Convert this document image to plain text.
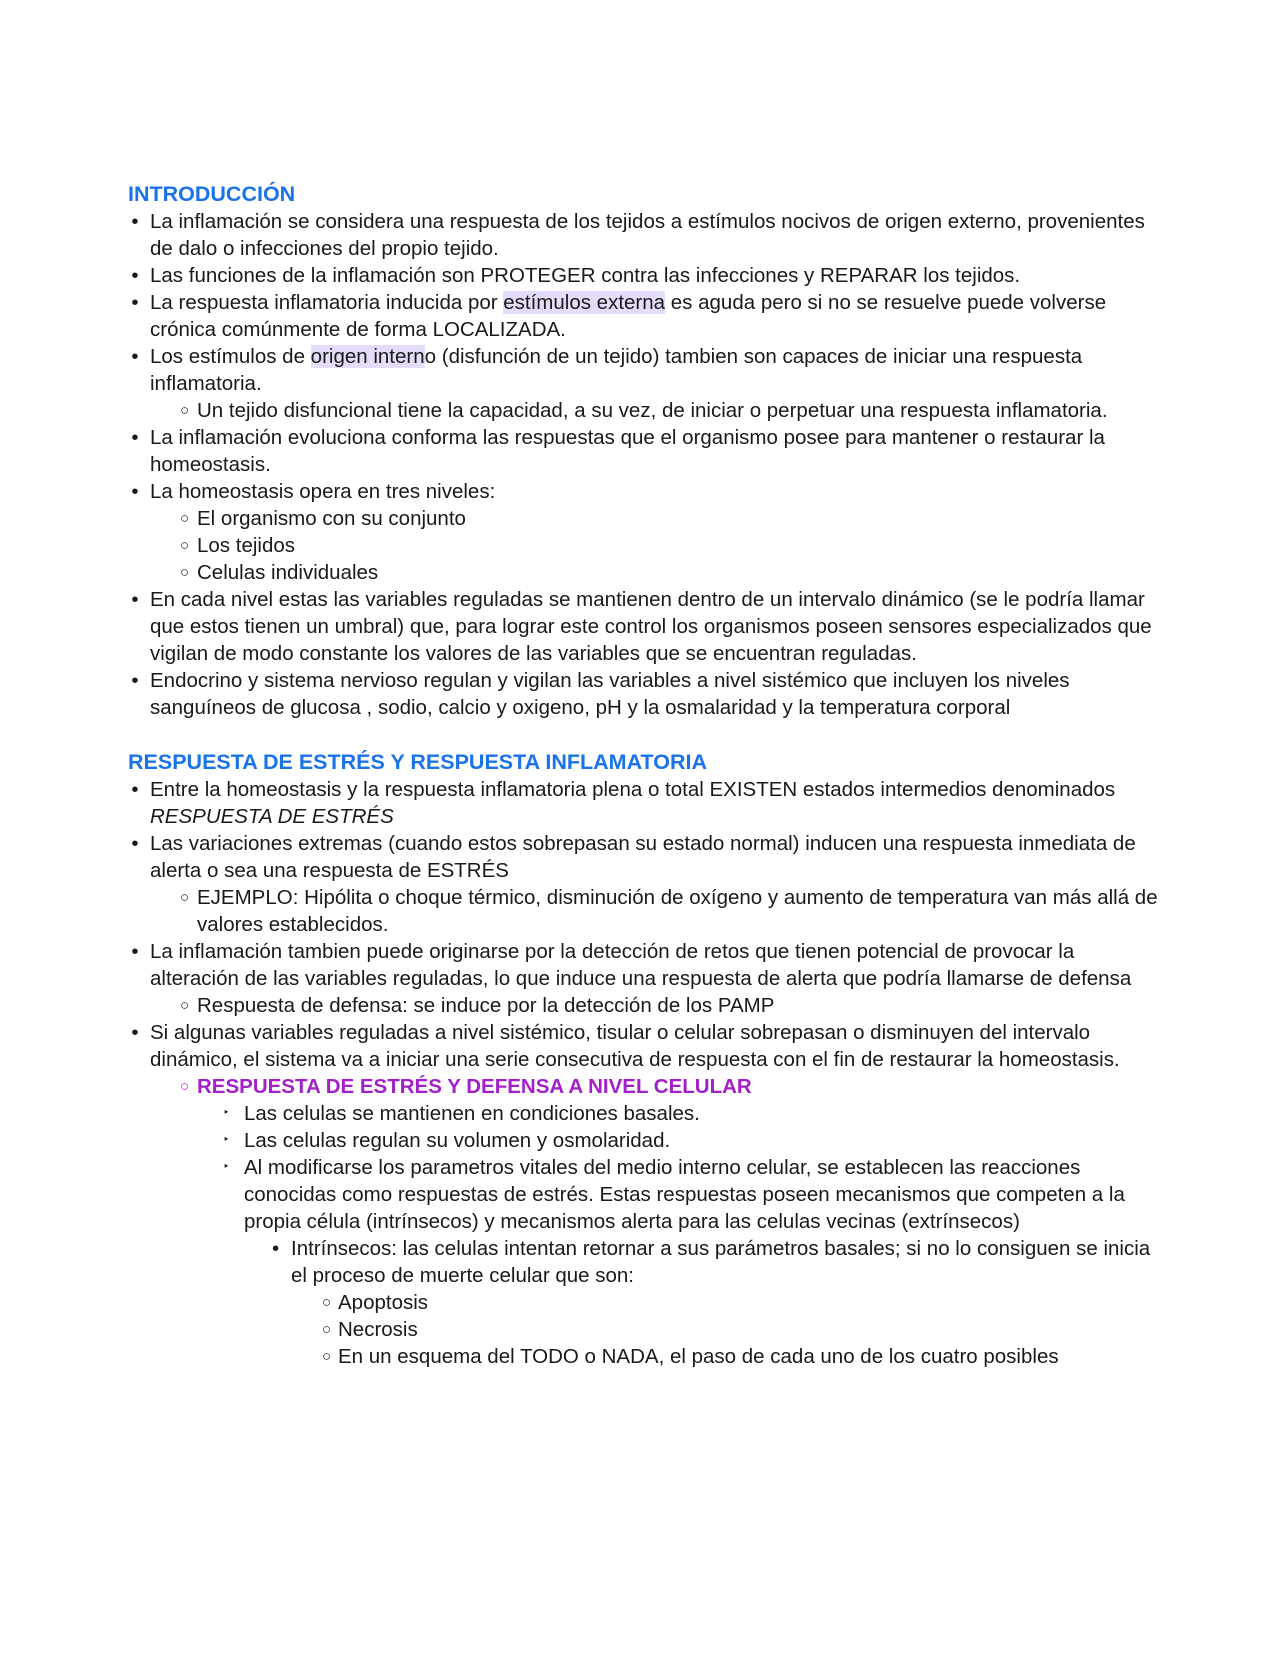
INTRODUCCIÓN
• La inflamación se considera una respuesta de los tejidos a estímulos nocivos de origen externo, provenientes de dalo o infecciones del propio tejido.
• Las funciones de la inflamación son PROTEGER contra las infecciones y REPARAR los tejidos.
• La respuesta inflamatoria inducida por estímulos externa es aguda pero si no se resuelve puede volverse crónica comúnmente de forma LOCALIZADA.
• Los estímulos de origen interno (disfunción de un tejido) tambien son capaces de iniciar una respuesta inflamatoria.
○ Un tejido disfuncional tiene la capacidad, a su vez, de iniciar o perpetuar una respuesta inflamatoria.
• La inflamación evoluciona conforma las respuestas que el organismo posee para mantener o restaurar la homeostasis.
• La homeostasis opera en tres niveles:
○ El organismo con su conjunto
○ Los tejidos
○ Celulas individuales
• En cada nivel estas las variables reguladas se mantienen dentro de un intervalo dinámico (se le podría llamar que estos tienen un umbral) que, para lograr este control los organismos poseen sensores especializados que vigilan de modo constante los valores de las variables que se encuentran reguladas.
• Endocrino y sistema nervioso regulan y vigilan las variables a nivel sistémico que incluyen los niveles sanguíneos de glucosa , sodio, calcio y oxigeno, pH y la osmalaridad y la temperatura corporal
RESPUESTA DE ESTRÉS Y RESPUESTA INFLAMATORIA
• Entre la homeostasis y la respuesta inflamatoria plena o total EXISTEN estados intermedios denominados RESPUESTA DE ESTRÉS
• Las variaciones extremas (cuando estos sobrepasan su estado normal) inducen una respuesta inmediata de alerta o sea una respuesta de ESTRÉS
○ EJEMPLO: Hipólita o choque térmico, disminución de oxígeno y aumento de temperatura van más allá de valores establecidos.
• La inflamación tambien puede originarse por la detección de retos que tienen potencial de provocar la alteración de las variables reguladas, lo que induce una respuesta de alerta que podría llamarse de defensa
○ Respuesta de defensa: se induce por la detección de los PAMP
• Si algunas variables reguladas a nivel sistémico, tisular o celular sobrepasan o disminuyen del intervalo dinámico, el sistema va a iniciar una serie consecutiva de respuesta con el fin de restaurar la homeostasis.
○ RESPUESTA DE ESTRÉS Y DEFENSA A NIVEL CELULAR
‣ Las celulas se mantienen en condiciones basales.
‣ Las celulas regulan su volumen y osmolaridad.
‣ Al modificarse los parametros vitales del medio interno celular, se establecen las reacciones conocidas como respuestas de estrés. Estas respuestas poseen mecanismos que competen a la propia célula (intrínsecos) y mecanismos alerta para las celulas vecinas (extrínsecos)
• Intrínsecos: las celulas intentan retornar a sus parámetros basales; si no lo consiguen se inicia el proceso de muerte celular que son:
○ Apoptosis
○ Necrosis
○ En un esquema del TODO o NADA, el paso de cada uno de los cuatro posibles
